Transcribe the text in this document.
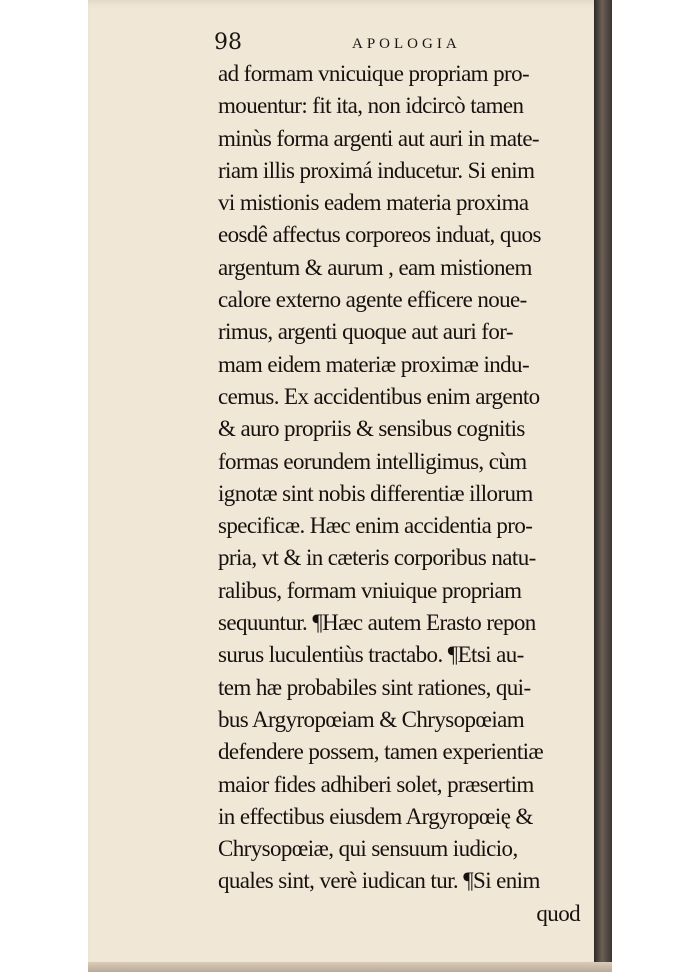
98	APOLOGIA
ad formam vnicuique propriam pro-
mouentur: fit ita, non idcircò tamen
minùs forma argenti aut auri in mate-
riam illis proximá inducetur. Si enim
vi mistionis eadem materia proxima
eosdê affectus corporeos induat, quos
argentum & aurum , eam mistionem
calore externo agente efficere noue-
rimus, argenti quoque aut auri for-
mam eidem materiæ proximæ indu-
cemus. Ex accidentibus enim argento
& auro propriis & sensibus cognitis
formas eorundem intelligimus, cùm
ignotæ sint nobis differentiæ illorum
specificæ. Hæc enim accidentia pro-
pria, vt & in cæteris corporibus natu-
ralibus, formam vniuique propriam
sequuntur. ¶Hæc autem Erasto repon
surus luculentiùs tractabo. ¶Etsi au-
tem hæ probabiles sint rationes, qui-
bus Argyropœiam & Chrysopœiam
defendere possem, tamen experientiæ
maior fides adhiberi solet, præsertim
in effectibus eiusdem Argyropœię &
Chrysopœiæ, qui sensuum iudicio,
quales sint, verè iudican tur. ¶Si enim
quod
